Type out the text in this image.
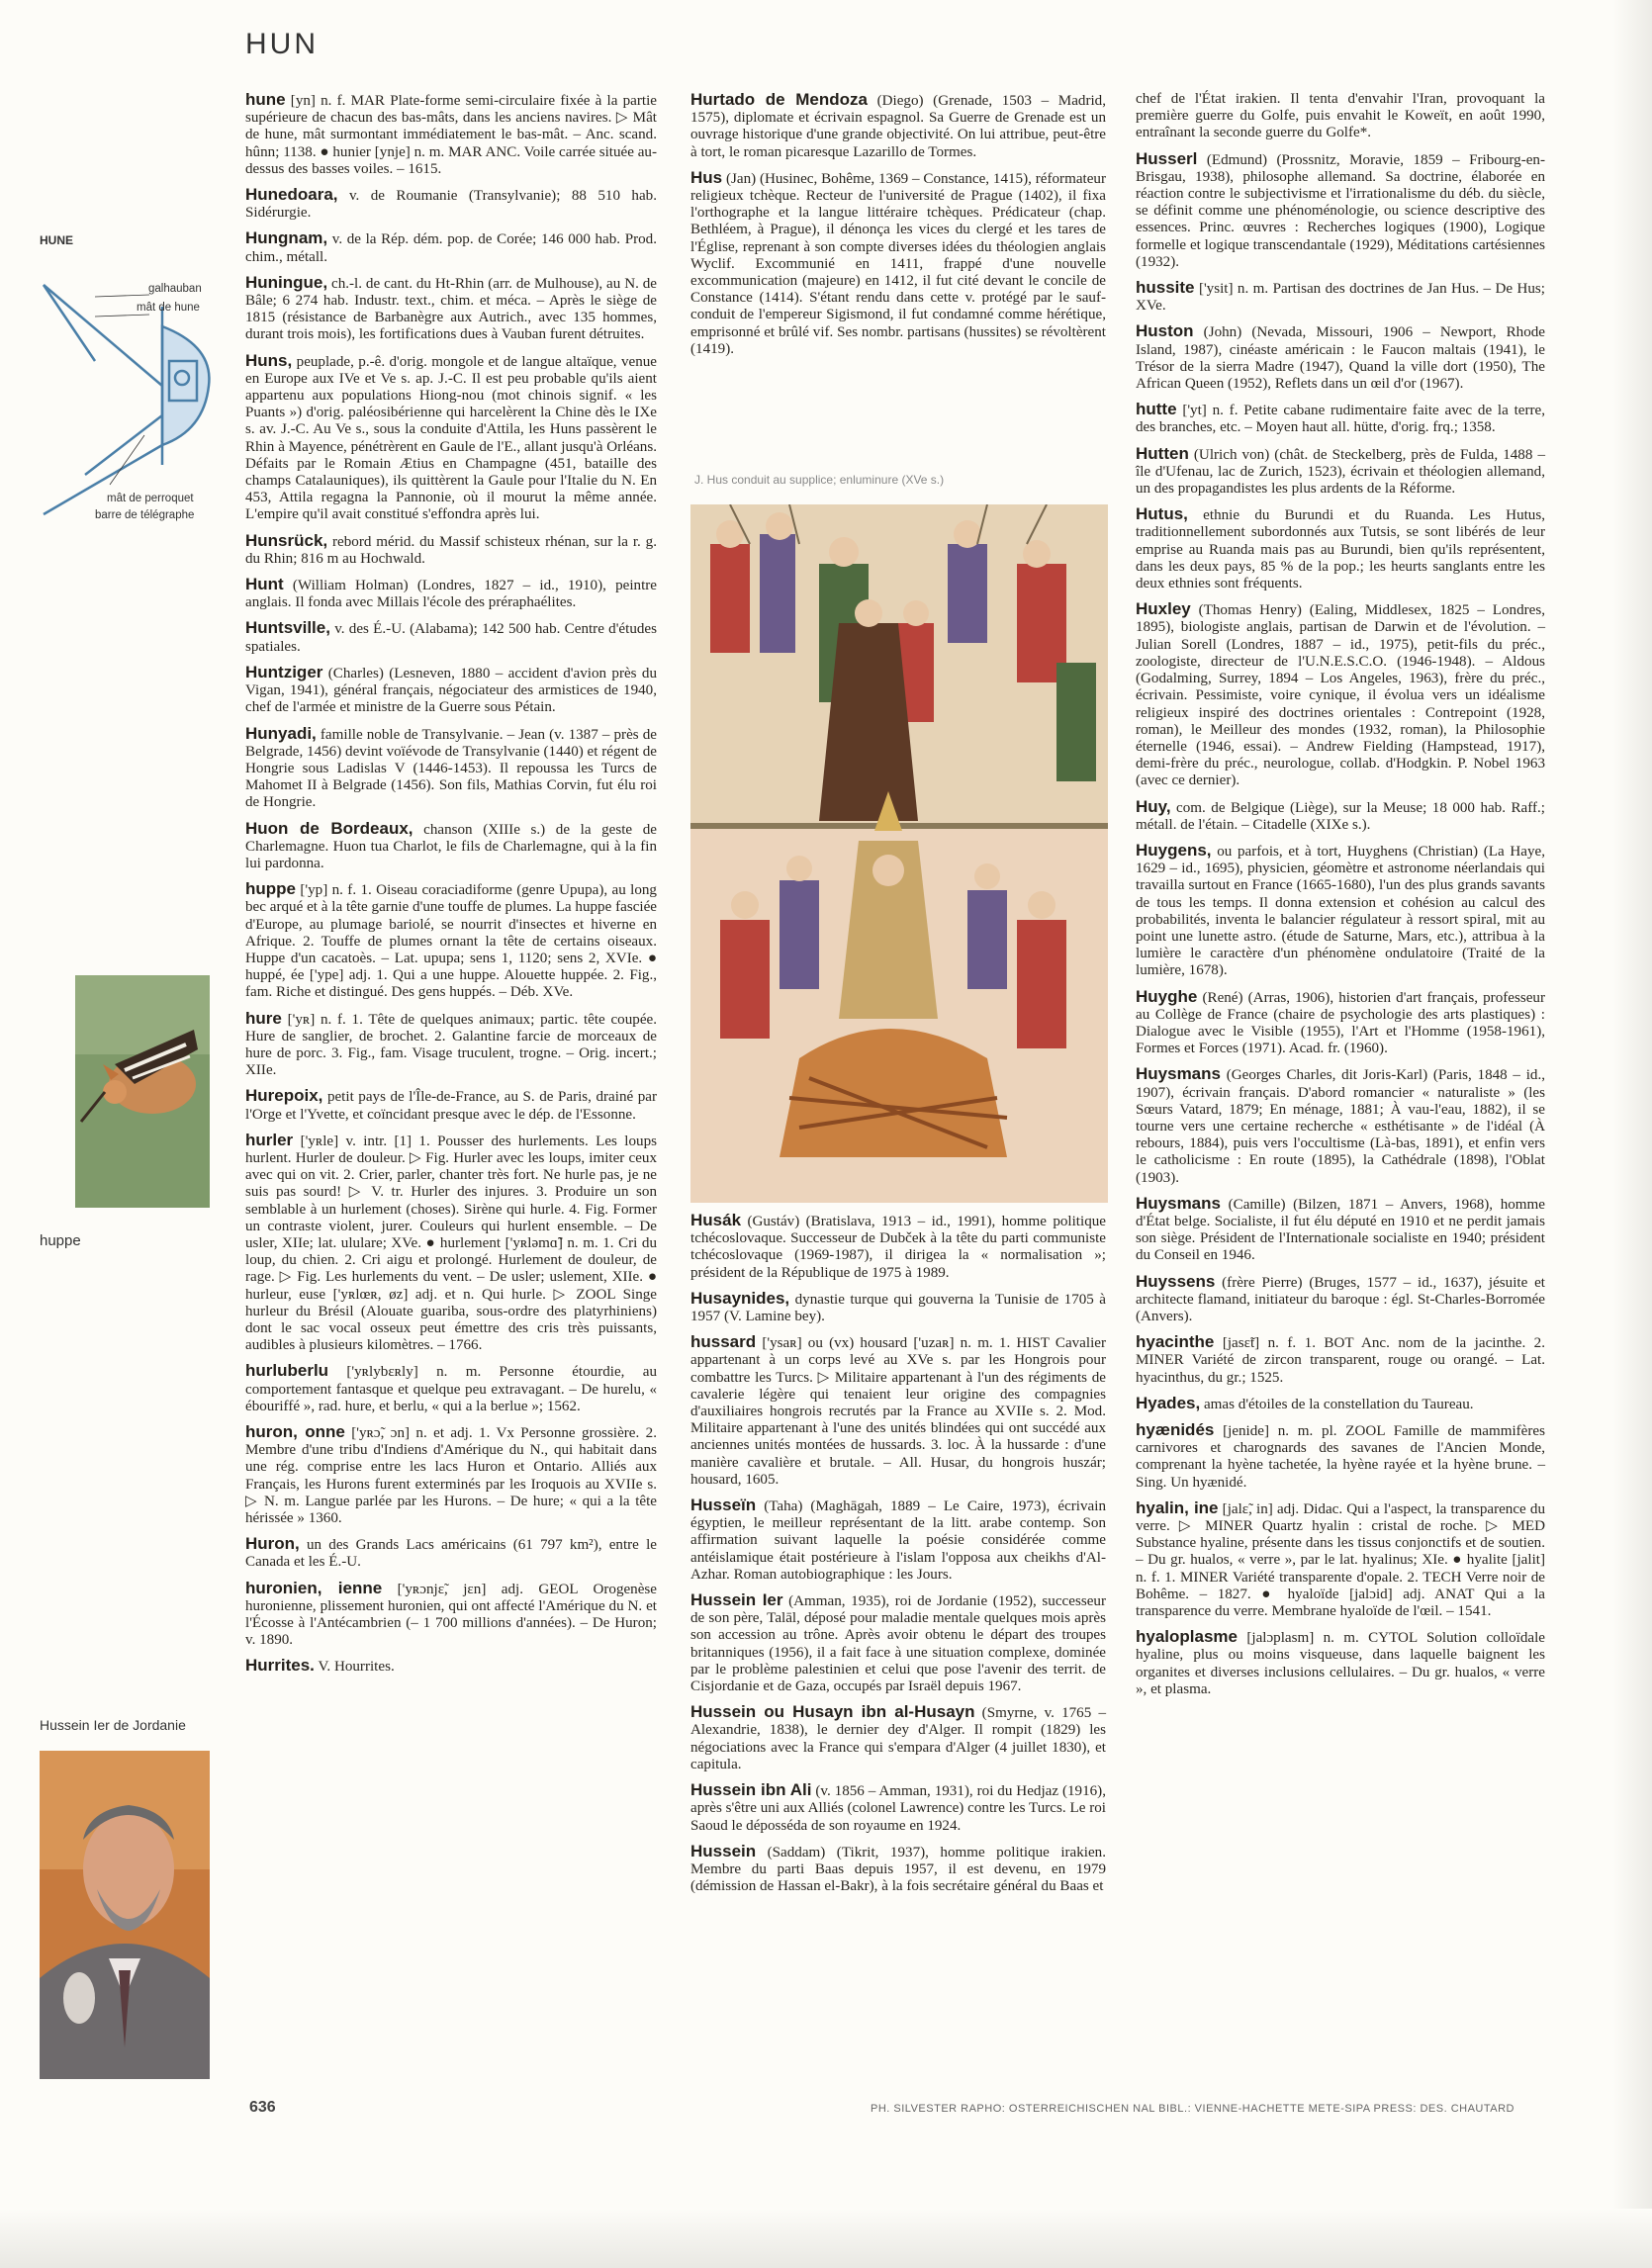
HUN
HUNE
galhauban
mât de hune
mât de perroquet
barre de télégraphe
huppe
Hussein Ier de Jordanie
hune [yn] n. f. MAR Plate-forme semi-circulaire fixée à la partie supérieure de chacun des bas-mâts, dans les anciens navires. ▷ Mât de hune, mât surmontant immédiatement le bas-mât. – Anc. scand. hûnn; 1138. ● hunier [ynje] n. m. MAR ANC. Voile carrée située au-dessus des basses voiles. – 1615.
Hunedoara, v. de Roumanie (Transylvanie); 88 510 hab. Sidérurgie.
Hungnam, v. de la Rép. dém. pop. de Corée; 146 000 hab. Prod. chim., métall.
Huningue, ch.-l. de cant. du Ht-Rhin (arr. de Mulhouse), au N. de Bâle; 6 274 hab. Industr. text., chim. et méca. – Après le siège de 1815 (résistance de Barbanègre aux Autrich., avec 135 hommes, durant trois mois), les fortifications dues à Vauban furent détruites.
Huns, peuplade, p.-ê. d'orig. mongole et de langue altaïque, venue en Europe aux IVe et Ve s. ap. J.-C. Il est peu probable qu'ils aient appartenu aux populations Hiong-nou (mot chinois signif. « les Puants ») d'orig. paléosibérienne qui harcelèrent la Chine dès le IXe s. av. J.-C. Au Ve s., sous la conduite d'Attila, les Huns passèrent le Rhin à Mayence, pénétrèrent en Gaule de l'E., allant jusqu'à Orléans. Défaits par le Romain Ætius en Champagne (451, bataille des champs Catalauniques), ils quittèrent la Gaule pour l'Italie du N. En 453, Attila regagna la Pannonie, où il mourut la même année. L'empire qu'il avait constitué s'effondra après lui.
Hunsrück, rebord mérid. du Massif schisteux rhénan, sur la r. g. du Rhin; 816 m au Hochwald.
Hunt (William Holman) (Londres, 1827 – id., 1910), peintre anglais. Il fonda avec Millais l'école des préraphaélites.
Huntsville, v. des É.-U. (Alabama); 142 500 hab. Centre d'études spatiales.
Huntziger (Charles) (Lesneven, 1880 – accident d'avion près du Vigan, 1941), général français, négociateur des armistices de 1940, chef de l'armée et ministre de la Guerre sous Pétain.
Hunyadi, famille noble de Transylvanie. – Jean (v. 1387 – près de Belgrade, 1456) devint voïévode de Transylvanie (1440) et régent de Hongrie sous Ladislas V (1446-1453). Il repoussa les Turcs de Mahomet II à Belgrade (1456). Son fils, Mathias Corvin, fut élu roi de Hongrie.
Huon de Bordeaux, chanson (XIIIe s.) de la geste de Charlemagne. Huon tua Charlot, le fils de Charlemagne, qui à la fin lui pardonna.
huppe ['yp] n. f. 1. Oiseau coraciadiforme (genre Upupa), au long bec arqué et à la tête garnie d'une touffe de plumes. La huppe fasciée d'Europe, au plumage bariolé, se nourrit d'insectes et hiverne en Afrique. 2. Touffe de plumes ornant la tête de certains oiseaux. Huppe d'un cacatoès. – Lat. upupa; sens 1, 1120; sens 2, XVIe. ● huppé, ée ['ype] adj. 1. Qui a une huppe. Alouette huppée. 2. Fig., fam. Riche et distingué. Des gens huppés. – Déb. XVe.
hure ['yʀ] n. f. 1. Tête de quelques animaux; partic. tête coupée. Hure de sanglier, de brochet. 2. Galantine farcie de morceaux de hure de porc. 3. Fig., fam. Visage truculent, trogne. – Orig. incert.; XIIe.
Hurepoix, petit pays de l'Île-de-France, au S. de Paris, drainé par l'Orge et l'Yvette, et coïncidant presque avec le dép. de l'Essonne.
hurler ['yʀle] v. intr. [1] 1. Pousser des hurlements. Les loups hurlent. Hurler de douleur. ▷ Fig. Hurler avec les loups, imiter ceux avec qui on vit. 2. Crier, parler, chanter très fort. Ne hurle pas, je ne suis pas sourd! ▷ V. tr. Hurler des injures. 3. Produire un son semblable à un hurlement (choses). Sirène qui hurle. 4. Fig. Former un contraste violent, jurer. Couleurs qui hurlent ensemble. – De usler, XIIe; lat. ululare; XVe. ● hurlement ['yʀləmɑ̃] n. m. 1. Cri du loup, du chien. 2. Cri aigu et prolongé. Hurlement de douleur, de rage. ▷ Fig. Les hurlements du vent. – De usler; uslement, XIIe. ● hurleur, euse ['yʀlœʀ, øz] adj. et n. Qui hurle. ▷ ZOOL Singe hurleur du Brésil (Alouate guariba, sous-ordre des platyrhiniens) dont le sac vocal osseux peut émettre des cris très puissants, audibles à plusieurs kilomètres. – 1766.
hurluberlu ['yʀlybɛʀly] n. m. Personne étourdie, au comportement fantasque et quelque peu extravagant. – De hurelu, « ébouriffé », rad. hure, et berlu, « qui a la berlue »; 1562.
huron, onne ['yʀɔ̃, ɔn] n. et adj. 1. Vx Personne grossière. 2. Membre d'une tribu d'Indiens d'Amérique du N., qui habitait dans une rég. comprise entre les lacs Huron et Ontario. Alliés aux Français, les Hurons furent exterminés par les Iroquois au XVIIe s. ▷ N. m. Langue parlée par les Hurons. – De hure; « qui a la tête hérissée » 1360.
Huron, un des Grands Lacs américains (61 797 km²), entre le Canada et les É.-U.
huronien, ienne ['yʀɔnjɛ̃, jɛn] adj. GEOL Orogenèse huronienne, plissement huronien, qui ont affecté l'Amérique du N. et l'Écosse à l'Antécambrien (– 1 700 millions d'années). – De Huron; v. 1890.
Hurrites. V. Hourrites.
Hurtado de Mendoza (Diego) (Grenade, 1503 – Madrid, 1575), diplomate et écrivain espagnol. Sa Guerre de Grenade est un ouvrage historique d'une grande objectivité. On lui attribue, peut-être à tort, le roman picaresque Lazarillo de Tormes.
Hus (Jan) (Husinec, Bohême, 1369 – Constance, 1415), réformateur religieux tchèque. Recteur de l'université de Prague (1402), il fixa l'orthographe et la langue littéraire tchèques. Prédicateur (chap. Bethléem, à Prague), il dénonça les vices du clergé et les tares de l'Église, reprenant à son compte diverses idées du théologien anglais Wyclif. Excommunié en 1411, frappé d'une nouvelle excommunication (majeure) en 1412, il fut cité devant le concile de Constance (1414). S'étant rendu dans cette v. protégé par le sauf-conduit de l'empereur Sigismond, il fut condamné comme hérétique, emprisonné et brûlé vif. Ses nombr. partisans (hussites) se révoltèrent (1419).
J. Hus conduit au supplice; enluminure (XVe s.)
Husák (Gustáv) (Bratislava, 1913 – id., 1991), homme politique tchécoslovaque. Successeur de Dubček à la tête du parti communiste tchécoslovaque (1969-1987), il dirigea la « normalisation »; président de la République de 1975 à 1989.
Husaynides, dynastie turque qui gouverna la Tunisie de 1705 à 1957 (V. Lamine bey).
hussard ['ysaʀ] ou (vx) housard ['uzaʀ] n. m. 1. HIST Cavalier appartenant à un corps levé au XVe s. par les Hongrois pour combattre les Turcs. ▷ Militaire appartenant à l'un des régiments de cavalerie légère qui tenaient leur origine des compagnies d'auxiliaires hongrois recrutés par la France au XVIIe s. 2. Mod. Militaire appartenant à l'une des unités blindées qui ont succédé aux anciennes unités montées de hussards. 3. loc. À la hussarde : d'une manière cavalière et brutale. – All. Husar, du hongrois huszár; housard, 1605.
Husseïn (Taha) (Maghāgah, 1889 – Le Caire, 1973), écrivain égyptien, le meilleur représentant de la litt. arabe contemp. Son affirmation suivant laquelle la poésie considérée comme antéislamique était postérieure à l'islam l'opposa aux cheikhs d'Al-Azhar. Roman autobiographique : les Jours.
Hussein Ier (Amman, 1935), roi de Jordanie (1952), successeur de son père, Talāl, déposé pour maladie mentale quelques mois après son accession au trône. Après avoir obtenu le départ des troupes britanniques (1956), il a fait face à une situation complexe, dominée par le problème palestinien et celui que pose l'avenir des territ. de Cisjordanie et de Gaza, occupés par Israël depuis 1967.
Hussein ou Husayn ibn al-Husayn (Smyrne, v. 1765 – Alexandrie, 1838), le dernier dey d'Alger. Il rompit (1829) les négociations avec la France qui s'empara d'Alger (4 juillet 1830), et capitula.
Hussein ibn Ali (v. 1856 – Amman, 1931), roi du Hedjaz (1916), après s'être uni aux Alliés (colonel Lawrence) contre les Turcs. Le roi Saoud le déposséda de son royaume en 1924.
Hussein (Saddam) (Tikrit, 1937), homme politique irakien. Membre du parti Baas depuis 1957, il est devenu, en 1979 (démission de Hassan el-Bakr), à la fois secrétaire général du Baas et
chef de l'État irakien. Il tenta d'envahir l'Iran, provoquant la première guerre du Golfe, puis envahit le Koweït, en août 1990, entraînant la seconde guerre du Golfe*.
Husserl (Edmund) (Prossnitz, Moravie, 1859 – Fribourg-en-Brisgau, 1938), philosophe allemand. Sa doctrine, élaborée en réaction contre le subjectivisme et l'irrationalisme du déb. du siècle, se définit comme une phénoménologie, ou science descriptive des essences. Princ. œuvres : Recherches logiques (1900), Logique formelle et logique transcendantale (1929), Méditations cartésiennes (1932).
hussite ['ysit] n. m. Partisan des doctrines de Jan Hus. – De Hus; XVe.
Huston (John) (Nevada, Missouri, 1906 – Newport, Rhode Island, 1987), cinéaste américain : le Faucon maltais (1941), le Trésor de la sierra Madre (1947), Quand la ville dort (1950), The African Queen (1952), Reflets dans un œil d'or (1967).
hutte ['yt] n. f. Petite cabane rudimentaire faite avec de la terre, des branches, etc. – Moyen haut all. hütte, d'orig. frq.; 1358.
Hutten (Ulrich von) (chât. de Steckelberg, près de Fulda, 1488 – île d'Ufenau, lac de Zurich, 1523), écrivain et théologien allemand, un des propagandistes les plus ardents de la Réforme.
Hutus, ethnie du Burundi et du Ruanda. Les Hutus, traditionnellement subordonnés aux Tutsis, se sont libérés de leur emprise au Ruanda mais pas au Burundi, bien qu'ils représentent, dans les deux pays, 85 % de la pop.; les heurts sanglants entre les deux ethnies sont fréquents.
Huxley (Thomas Henry) (Ealing, Middlesex, 1825 – Londres, 1895), biologiste anglais, partisan de Darwin et de l'évolution. – Julian Sorell (Londres, 1887 – id., 1975), petit-fils du préc., zoologiste, directeur de l'U.N.E.S.C.O. (1946-1948). – Aldous (Godalming, Surrey, 1894 – Los Angeles, 1963), frère du préc., écrivain. Pessimiste, voire cynique, il évolua vers un idéalisme religieux inspiré des doctrines orientales : Contrepoint (1928, roman), le Meilleur des mondes (1932, roman), la Philosophie éternelle (1946, essai). – Andrew Fielding (Hampstead, 1917), demi-frère du préc., neurologue, collab. d'Hodgkin. P. Nobel 1963 (avec ce dernier).
Huy, com. de Belgique (Liège), sur la Meuse; 18 000 hab. Raff.; métall. de l'étain. – Citadelle (XIXe s.).
Huygens, ou parfois, et à tort, Huyghens (Christian) (La Haye, 1629 – id., 1695), physicien, géomètre et astronome néerlandais qui travailla surtout en France (1665-1680), l'un des plus grands savants de tous les temps. Il donna extension et cohésion au calcul des probabilités, inventa le balancier régulateur à ressort spiral, mit au point une lunette astro. (étude de Saturne, Mars, etc.), attribua à la lumière le caractère d'un phénomène ondulatoire (Traité de la lumière, 1678).
Huyghe (René) (Arras, 1906), historien d'art français, professeur au Collège de France (chaire de psychologie des arts plastiques) : Dialogue avec le Visible (1955), l'Art et l'Homme (1958-1961), Formes et Forces (1971). Acad. fr. (1960).
Huysmans (Georges Charles, dit Joris-Karl) (Paris, 1848 – id., 1907), écrivain français. D'abord romancier « naturaliste » (les Sœurs Vatard, 1879; En ménage, 1881; À vau-l'eau, 1882), il se tourne vers une certaine recherche « esthétisante » de l'idéal (À rebours, 1884), puis vers l'occultisme (Là-bas, 1891), et enfin vers le catholicisme : En route (1895), la Cathédrale (1898), l'Oblat (1903).
Huysmans (Camille) (Bilzen, 1871 – Anvers, 1968), homme d'État belge. Socialiste, il fut élu député en 1910 et ne perdit jamais son siège. Président de l'Internationale socialiste en 1940; président du Conseil en 1946.
Huyssens (frère Pierre) (Bruges, 1577 – id., 1637), jésuite et architecte flamand, initiateur du baroque : égl. St-Charles-Borromée (Anvers).
hyacinthe [jasɛ̃t] n. f. 1. BOT Anc. nom de la jacinthe. 2. MINER Variété de zircon transparent, rouge ou orangé. – Lat. hyacinthus, du gr.; 1525.
Hyades, amas d'étoiles de la constellation du Taureau.
hyænidés [jenide] n. m. pl. ZOOL Famille de mammifères carnivores et charognards des savanes de l'Ancien Monde, comprenant la hyène tachetée, la hyène rayée et la hyène brune. – Sing. Un hyænidé.
hyalin, ine [jalɛ̃, in] adj. Didac. Qui a l'aspect, la transparence du verre. ▷ MINER Quartz hyalin : cristal de roche. ▷ MED Substance hyaline, présente dans les tissus conjonctifs et de soutien. – Du gr. hualos, « verre », par le lat. hyalinus; XIe. ● hyalite [jalit] n. f. 1. MINER Variété transparente d'opale. 2. TECH Verre noir de Bohême. – 1827. ● hyaloïde [jalɔid] adj. ANAT Qui a la transparence du verre. Membrane hyaloïde de l'œil. – 1541.
hyaloplasme [jalɔplasm] n. m. CYTOL Solution colloïdale hyaline, plus ou moins visqueuse, dans laquelle baignent les organites et diverses inclusions cellulaires. – Du gr. hualos, « verre », et plasma.
636	PH. SILVESTER RAPHO: OSTERREICHISCHEN NAL BIBL.: VIENNE-HACHETTE METE-SIPA PRESS: DES. CHAUTARD
